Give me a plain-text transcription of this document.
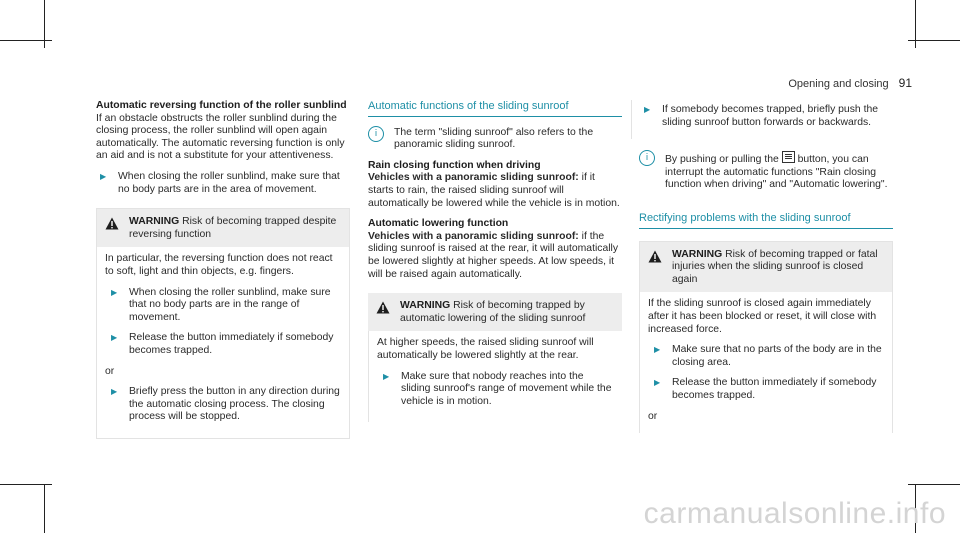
Opening and closing 91
Automatic reversing function of the roller sunblind

If an obstacle obstructs the roller sunblind during the closing process, the roller sunblind will open again automatically. The automatic reversing function is only an aid and is not a substitute for your attentiveness.

▶	When closing the roller sunblind, make sure that no body parts are in the area of movement.
WARNING Risk of becoming trapped despite reversing function

In particular, the reversing function does not react to soft, light and thin objects, e.g. fingers.

▶	When closing the roller sunblind, make sure that no body parts are in the range of movement.
▶	Release the button immediately if somebody becomes trapped.
or
▶	Briefly press the button in any direction during the automatic closing process. The closing process will be stopped.
Automatic functions of the sliding sunroof
i	The term "sliding sunroof" also refers to the panoramic sliding sunroof.
Rain closing function when driving

Vehicles with a panoramic sliding sunroof: if it starts to rain, the raised sliding sunroof will automatically be lowered while the vehicle is in motion.

Automatic lowering function

Vehicles with a panoramic sliding sunroof: if the sliding sunroof is raised at the rear, it will automatically be lowered slightly at higher speeds. At low speeds, it will be raised again automatically.

WARNING Risk of becoming trapped by automatic lowering of the sliding sunroof

At higher speeds, the raised sliding sunroof will automatically be lowered slightly at the rear.

▶	Make sure that nobody reaches into the sliding sunroof's range of movement while the vehicle is in motion.
▶	If somebody becomes trapped, briefly push the sliding sunroof button forwards or backwards.
i	By pushing or pulling the button, you can interrupt the automatic functions "Rain closing function when driving" and "Automatic lowering".
Rectifying problems with the sliding sunroof
WARNING Risk of becoming trapped or fatal injuries when the sliding sunroof is closed again

If the sliding sunroof is closed again immediately after it has been blocked or reset, it will close with increased force.

▶	Make sure that no parts of the body are in the closing area.
▶	Release the button immediately if somebody becomes trapped.
or
carmanualsonline.info
